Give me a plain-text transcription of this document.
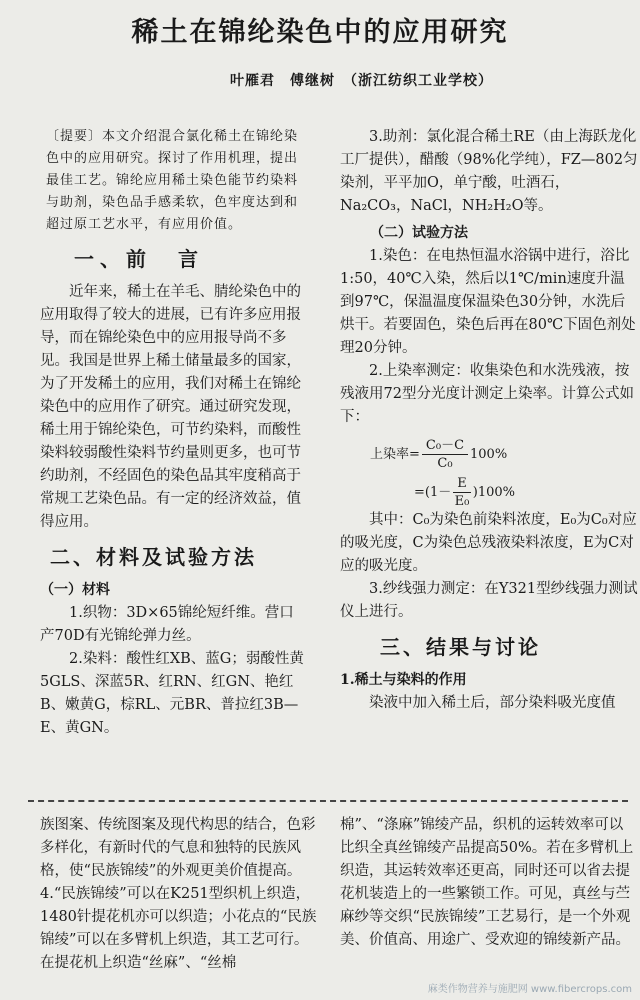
稀土在锦纶染色中的应用研究
叶雁君　傅继树　（浙江纺织工业学校）

〔提要〕本文介绍混合氯化稀土在锦纶染色中的应用研究。探讨了作用机理，提出最佳工艺。锦纶应用稀土染色能节约染料与助剂，染色品手感柔软，色牢度达到和超过原工艺水平，有应用价值。

一、前　言

近年来，稀土在羊毛、腈纶染色中的应用取得了较大的进展，已有许多应用报导，而在锦纶染色中的应用报导尚不多见。我国是世界上稀土储量最多的国家，为了开发稀土的应用，我们对稀土在锦纶染色中的应用作了研究。通过研究发现，稀土用于锦纶染色，可节约染料，而酸性染料较弱酸性染料节约量则更多，也可节约助剂，不经固色的染色品其牢度稍高于常规工艺染色品。有一定的经济效益，值得应用。

二、材料及试验方法

（一）材料

1.织物：3D×65锦纶短纤维。营口产70D有光锦纶弹力丝。

2.染料：酸性红XB、蓝G；弱酸性黄5GLS、深蓝5R、红RN、红GN、艳红B、嫩黄G，棕RL、元BR、普拉红3B—E、黄GN。

3.助剂：氯化混合稀土RE（由上海跃龙化工厂提供），醋酸（98%化学纯），FZ—802匀染剂，平平加O，单宁酸，吐酒石，Na₂CO₃，NaCl，NH₂H₂O等。

（二）试验方法

1.染色：在电热恒温水浴锅中进行，浴比1:50，40℃入染，然后以1℃/min速度升温到97℃，保温温度保温染色30分钟，水洗后烘干。若要固色，染色后再在80℃下固色剂处理20分钟。

2.上染率测定：收集染色和水洗残液，按残液用72型分光度计测定上染率。计算公式如下：

上染率= $\frac{\text{C₀－C}}{\text{C₀}} 100\%$
$=(1- \frac{E}{\text{E₀}} )100\%$

其中：C₀为染色前染料浓度，E₀为C₀对应的吸光度，C为染色总残液染料浓度，E为C对应的吸光度。

3.纱线强力测定：在Y321型纱线强力测试仪上进行。

三、结果与讨论

1.稀土与染料的作用

染液中加入稀土后，部分染料吸光度值

族图案、传统图案及现代构思的结合，色彩多样化，有新时代的气息和独特的民族风格，使“民族锦绫”的外观更美价值提高。　4.“民族锦绫”可以在K251型织机上织造，1480针提花机亦可以织造；小花点的“民族锦绫”可以在多臂机上织造，其工艺可行。在提花机上织造“丝麻”、“丝棉
棉”、“涤麻”锦绫产品，织机的运转效率可以比织全真丝锦绫产品提高50%。若在多臂机上织造，其运转效率还更高，同时还可以省去提花机装造上的一些繁锁工作。可见，真丝与苎麻纱等交织“民族锦绫”工艺易行，是一个外观美、价值高、用途广、受欢迎的锦绫新产品。
麻类作物营养与施肥网 www.fibercrops.com
